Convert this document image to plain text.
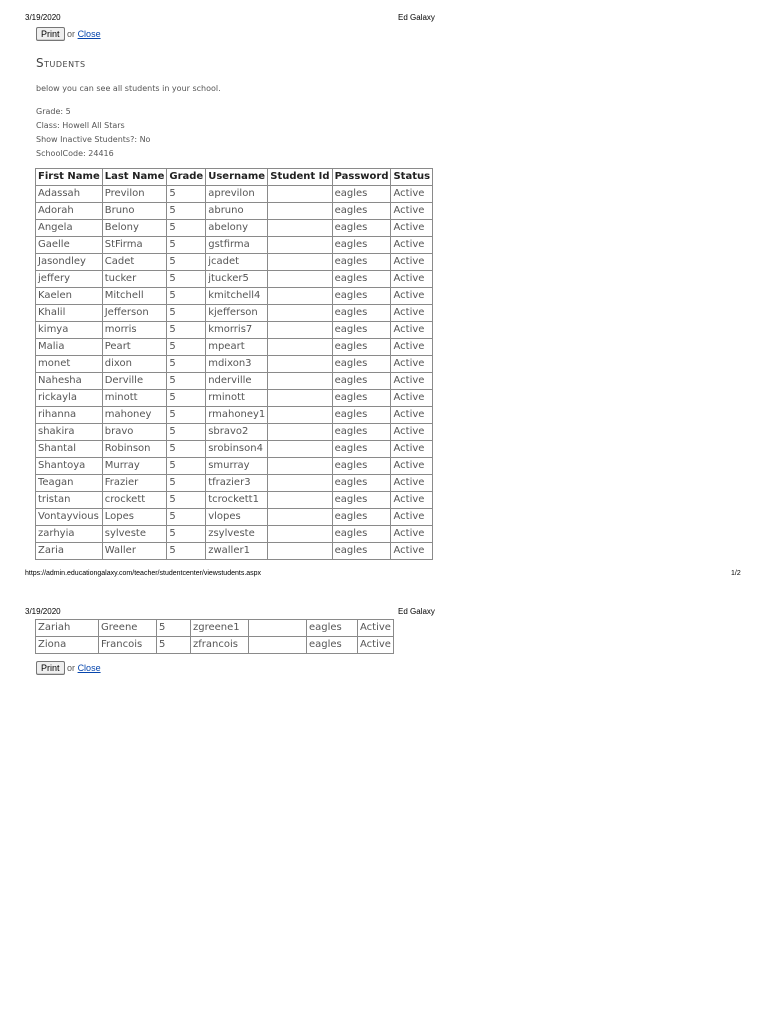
3/19/2020	Ed Galaxy
Print or Close
Students
below you can see all students in your school.
Grade: 5
Class: Howell All Stars
Show Inactive Students?: No
SchoolCode: 24416
First Name	Last Name	Grade	Username	Student Id	Password	Status
Adassah	Previlon	5	aprevilon		eagles	Active
Adorah	Bruno	5	abruno		eagles	Active
Angela	Belony	5	abelony		eagles	Active
Gaelle	StFirma	5	gstfirma		eagles	Active
Jasondley	Cadet	5	jcadet		eagles	Active
jeffery	tucker	5	jtucker5		eagles	Active
Kaelen	Mitchell	5	kmitchell4		eagles	Active
Khalil	Jefferson	5	kjefferson		eagles	Active
kimya	morris	5	kmorris7		eagles	Active
Malia	Peart	5	mpeart		eagles	Active
monet	dixon	5	mdixon3		eagles	Active
Nahesha	Derville	5	nderville		eagles	Active
rickayla	minott	5	rminott		eagles	Active
rihanna	mahoney	5	rmahoney1		eagles	Active
shakira	bravo	5	sbravo2		eagles	Active
Shantal	Robinson	5	srobinson4		eagles	Active
Shantoya	Murray	5	smurray		eagles	Active
Teagan	Frazier	5	tfrazier3		eagles	Active
tristan	crockett	5	tcrockett1		eagles	Active
Vontayvious	Lopes	5	vlopes		eagles	Active
zarhyia	sylveste	5	zsylveste		eagles	Active
Zaria	Waller	5	zwaller1		eagles	Active
https://admin.educationgalaxy.com/teacher/studentcenter/viewstudents.aspx	1/2
3/19/2020	Ed Galaxy
Zariah	Greene	5	zgreene1		eagles	Active
Ziona	Francois	5	zfrancois		eagles	Active
Print or Close
